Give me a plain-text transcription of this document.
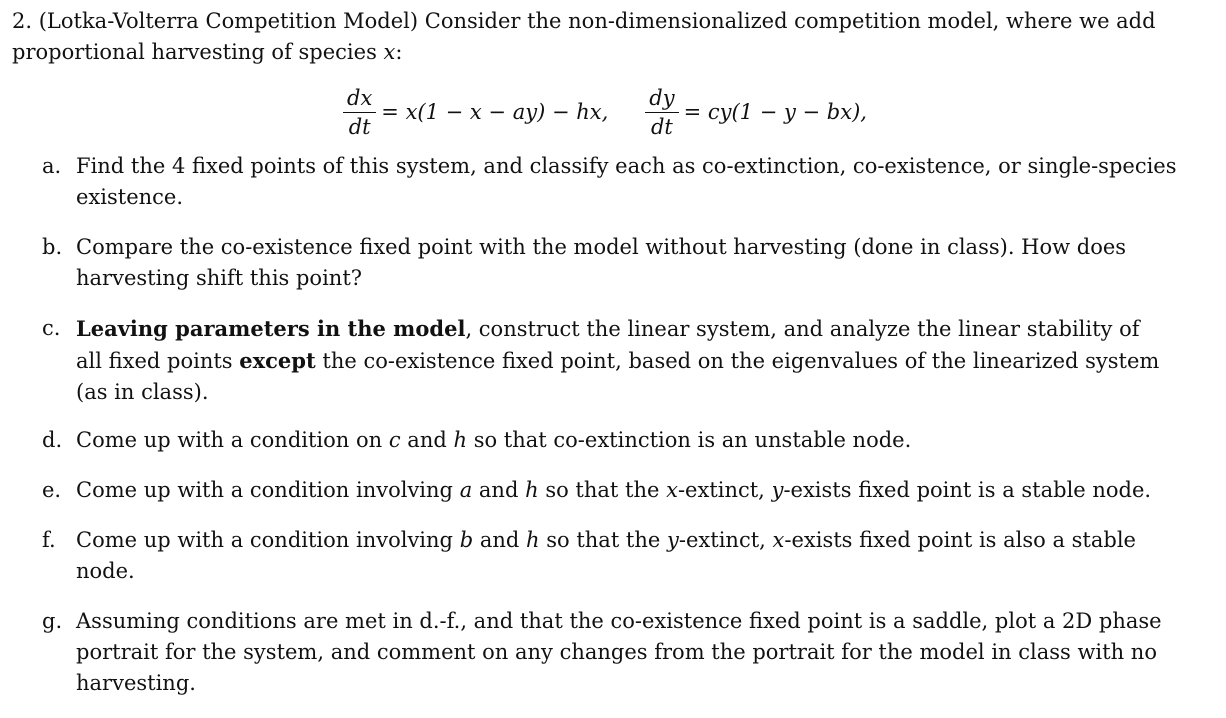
2. (Lotka-Volterra Competition Model) Consider the non-dimensionalized competition model, where we add
proportional harvesting of species x:
$\frac{dx}{dt} = x(1 - x - ay)$ − hx, $\frac{dy}{dt} = cy(1 - y - bx)$,
a. Find the 4 fixed points of this system, and classify each as co-extinction, co-existence, or single-species
existence.
b. Compare the co-existence fixed point with the model without harvesting (done in class). How does
harvesting shift this point?
c. Leaving parameters in the model, construct the linear system, and analyze the linear stability of
all fixed points except the co-existence fixed point, based on the eigenvalues of the linearized system
(as in class).
d. Come up with a condition on c and h so that co-extinction is an unstable node.
e. Come up with a condition involving a and h so that the x-extinct, y-exists fixed point is a stable node.
f. Come up with a condition involving b and h so that the y-extinct, x-exists fixed point is also a stable
node.
g. Assuming conditions are met in d.-f., and that the co-existence fixed point is a saddle, plot a 2D phase
portrait for the system, and comment on any changes from the portrait for the model in class with no
harvesting.
